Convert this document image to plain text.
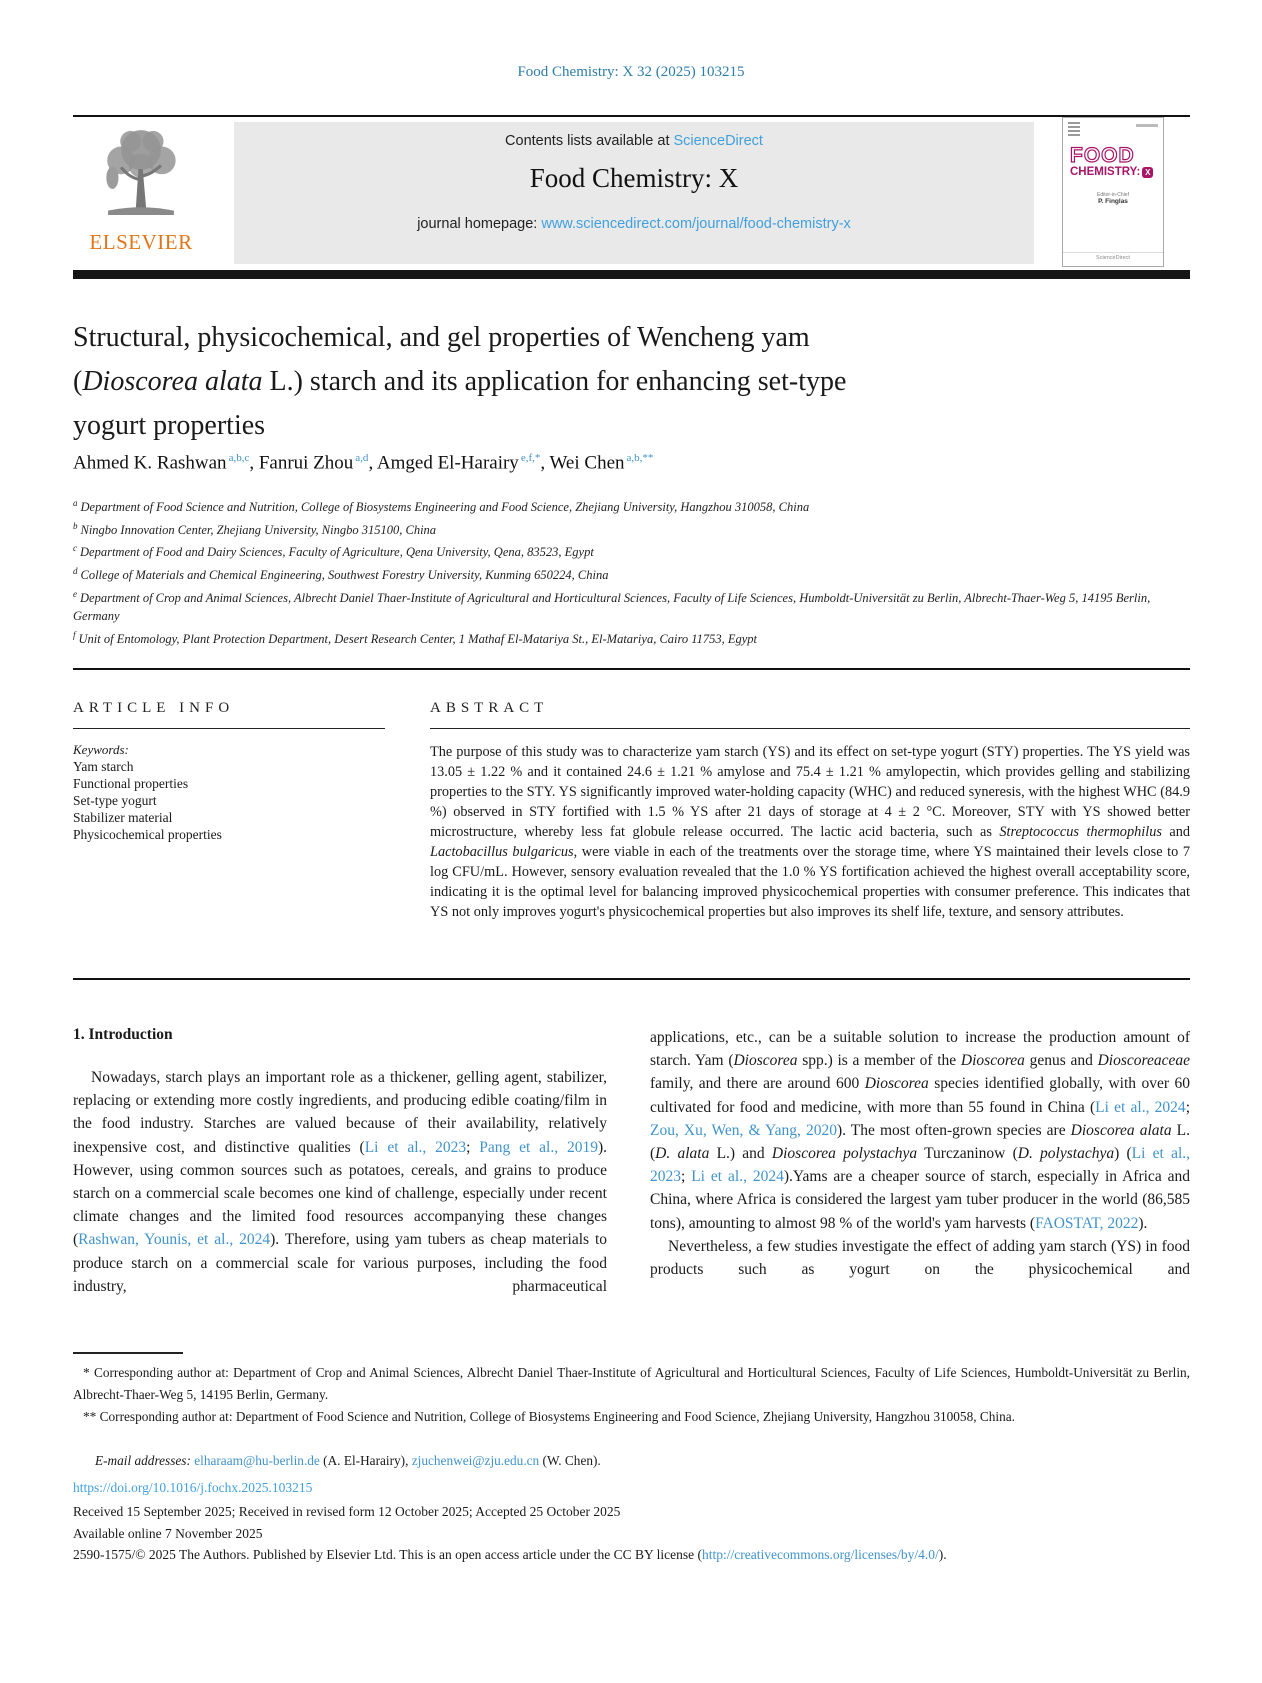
Food Chemistry: X 32 (2025) 103215
ELSEVIER
Contents lists available at ScienceDirect
Food Chemistry: X
journal homepage: www.sciencedirect.com/journal/food-chemistry-x
FOOD
CHEMISTRY: X
Editor-in-Chief
P. Finglas
ScienceDirect
Structural, physicochemical, and gel properties of Wencheng yam (Dioscorea alata L.) starch and its application for enhancing set-type yogurt properties
Ahmed K. Rashwan $^{a,b,c}$, Fanrui Zhou $^{a,d}$, Amged El-Harairy $^{e,f,*}$, Wei Chen $^{a,b,**}$
$^a$ Department of Food Science and Nutrition, College of Biosystems Engineering and Food Science, Zhejiang University, Hangzhou 310058, China
$^b$ Ningbo Innovation Center, Zhejiang University, Ningbo 315100, China
$^c$ Department of Food and Dairy Sciences, Faculty of Agriculture, Qena University, Qena, 83523, Egypt
$^d$ College of Materials and Chemical Engineering, Southwest Forestry University, Kunming 650224, China
$^e$ Department of Crop and Animal Sciences, Albrecht Daniel Thaer-Institute of Agricultural and Horticultural Sciences, Faculty of Life Sciences, Humboldt-Universität zu Berlin, Albrecht-Thaer-Weg 5, 14195 Berlin, Germany
$^f$ Unit of Entomology, Plant Protection Department, Desert Research Center, 1 Mathaf El-Matariya St., El-Matariya, Cairo 11753, Egypt
ARTICLE INFO
Keywords:
Yam starch
Functional properties
Set-type yogurt
Stabilizer material
Physicochemical properties
ABSTRACT
The purpose of this study was to characterize yam starch (YS) and its effect on set-type yogurt (STY) properties. The YS yield was 13.05 ± 1.22 % and it contained 24.6 ± 1.21 % amylose and 75.4 ± 1.21 % amylopectin, which provides gelling and stabilizing properties to the STY. YS significantly improved water-holding capacity (WHC) and reduced syneresis, with the highest WHC (84.9 %) observed in STY fortified with 1.5 % YS after 21 days of storage at 4 ± 2 °C. Moreover, STY with YS showed better microstructure, whereby less fat globule release occurred. The lactic acid bacteria, such as Streptococcus thermophilus and Lactobacillus bulgaricus, were viable in each of the treatments over the storage time, where YS maintained their levels close to 7 log CFU/mL. However, sensory evaluation revealed that the 1.0 % YS fortification achieved the highest overall acceptability score, indicating it is the optimal level for balancing improved physicochemical properties with consumer preference. This indicates that YS not only improves yogurt's physicochemical properties but also improves its shelf life, texture, and sensory attributes.

1. Introduction

Nowadays, starch plays an important role as a thickener, gelling agent, stabilizer, replacing or extending more costly ingredients, and producing edible coating/film in the food industry. Starches are valued because of their availability, relatively inexpensive cost, and distinctive qualities (Li et al., 2023; Pang et al., 2019). However, using common sources such as potatoes, cereals, and grains to produce starch on a commercial scale becomes one kind of challenge, especially under recent climate changes and the limited food resources accompanying these changes (Rashwan, Younis, et al., 2024). Therefore, using yam tubers as cheap materials to produce starch on a commercial scale for various purposes, including the food industry, pharmaceutical

applications, etc., can be a suitable solution to increase the production amount of starch. Yam (Dioscorea spp.) is a member of the Dioscorea genus and Dioscoreaceae family, and there are around 600 Dioscorea species identified globally, with over 60 cultivated for food and medicine, with more than 55 found in China (Li et al., 2024; Zou, Xu, Wen, & Yang, 2020). The most often-grown species are Dioscorea alata L. (D. alata L.) and Dioscorea polystachya Turczaninow (D. polystachya) (Li et al., 2023; Li et al., 2024).Yams are a cheaper source of starch, especially in Africa and China, where Africa is considered the largest yam tuber producer in the world (86,585 tons), amounting to almost 98 % of the world's yam harvests (FAOSTAT, 2022).

Nevertheless, a few studies investigate the effect of adding yam starch (YS) in food products such as yogurt on the physicochemical and

* Corresponding author at: Department of Crop and Animal Sciences, Albrecht Daniel Thaer-Institute of Agricultural and Horticultural Sciences, Faculty of Life Sciences, Humboldt-Universität zu Berlin, Albrecht-Thaer-Weg 5, 14195 Berlin, Germany.
** Corresponding author at: Department of Food Science and Nutrition, College of Biosystems Engineering and Food Science, Zhejiang University, Hangzhou 310058, China.
E-mail addresses: elharaam@hu-berlin.de (A. El-Harairy), zjuchenwei@zju.edu.cn (W. Chen).
https://doi.org/10.1016/j.fochx.2025.103215
Received 15 September 2025; Received in revised form 12 October 2025; Accepted 25 October 2025
Available online 7 November 2025
2590-1575/© 2025 The Authors. Published by Elsevier Ltd. This is an open access article under the CC BY license (http://creativecommons.org/licenses/by/4.0/).
